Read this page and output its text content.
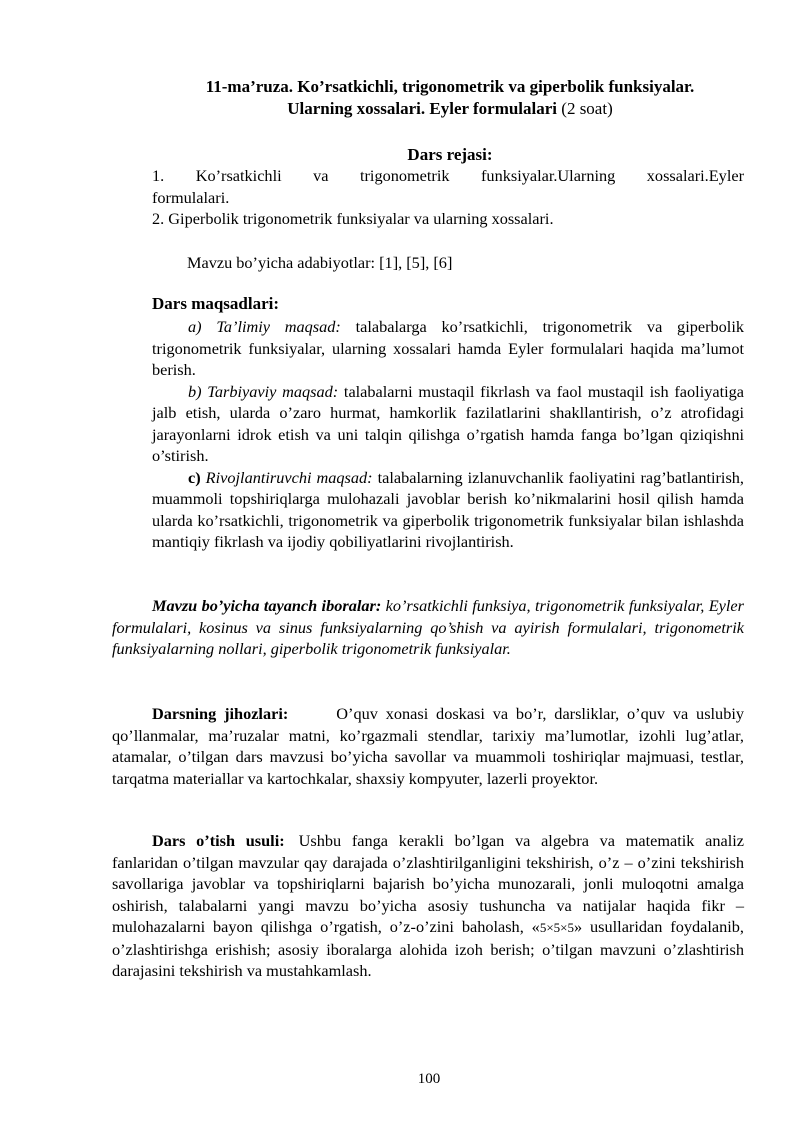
11-ma’ruza. Ko’rsatkichli, trigonometrik va giperbolik funksiyalar.
Ularning xossalari. Eyler formulalari (2 soat)
Dars rejasi:

1. Ko’rsatkichli va trigonometrik funksiyalar.Ularning xossalari.Eyler

formulalari.

2. Giperbolik trigonometrik funksiyalar va ularning xossalari.

Mavzu bo’yicha adabiyotlar: [1], [5], [6]
Dars maqsadlari:

a) Ta’limiy maqsad: talabalarga ko’rsatkichli, trigonometrik va giperbolik trigonometrik funksiyalar, ularning xossalari hamda Eyler formulalari haqida ma’lumot berish.

b) Tarbiyaviy maqsad: talabalarni mustaqil fikrlash va faol mustaqil ish faoliyatiga jalb etish, ularda o’zaro hurmat, hamkorlik fazilatlarini shakllantirish, o’z atrofidagi jarayonlarni idrok etish va uni talqin qilishga o’rgatish hamda fanga bo’lgan qiziqishni o’stirish.

c) Rivojlantiruvchi maqsad: talabalarning izlanuvchanlik faoliyatini rag’batlantirish, muammoli topshiriqlarga mulohazali javoblar berish ko’nikmalarini hosil qilish hamda ularda ko’rsatkichli, trigonometrik va giperbolik trigonometrik funksiyalar bilan ishlashda mantiqiy fikrlash va ijodiy qobiliyatlarini rivojlantirish.

Mavzu bo’yicha tayanch iboralar: ko’rsatkichli funksiya, trigonometrik funksiyalar, Eyler formulalari, kosinus va sinus funksiyalarning qo’shish va ayirish formulalari, trigonometrik funksiyalarning nollari, giperbolik trigonometrik funksiyalar.

Darsning jihozlari:	O’quv xonasi doskasi va bo’r, darsliklar, o’quv va uslubiy qo’llanmalar, ma’ruzalar matni, ko’rgazmali stendlar, tarixiy ma’lumotlar, izohli lug’atlar, atamalar, o’tilgan dars mavzusi bo’yicha savollar va muammoli toshiriqlar majmuasi, testlar, tarqatma materiallar va kartochkalar, shaxsiy kompyuter, lazerli proyektor.

Dars o’tish usuli: Ushbu fanga kerakli bo’lgan va algebra va matematik analiz fanlaridan o’tilgan mavzular qay darajada o’zlashtirilganligini tekshirish, o’z – o’zini tekshirish savollariga javoblar va topshiriqlarni bajarish bo’yicha munozarali, jonli muloqotni amalga oshirish, talabalarni yangi mavzu bo’yicha asosiy tushuncha va natijalar haqida fikr – mulohazalarni bayon qilishga o’rgatish, o’z-o’zini baholash, «5×5×5» usullaridan foydalanib, o’zlashtirishga erishish; asosiy iboralarga alohida izoh berish; o’tilgan mavzuni o’zlashtirish darajasini tekshirish va mustahkamlash.

100
